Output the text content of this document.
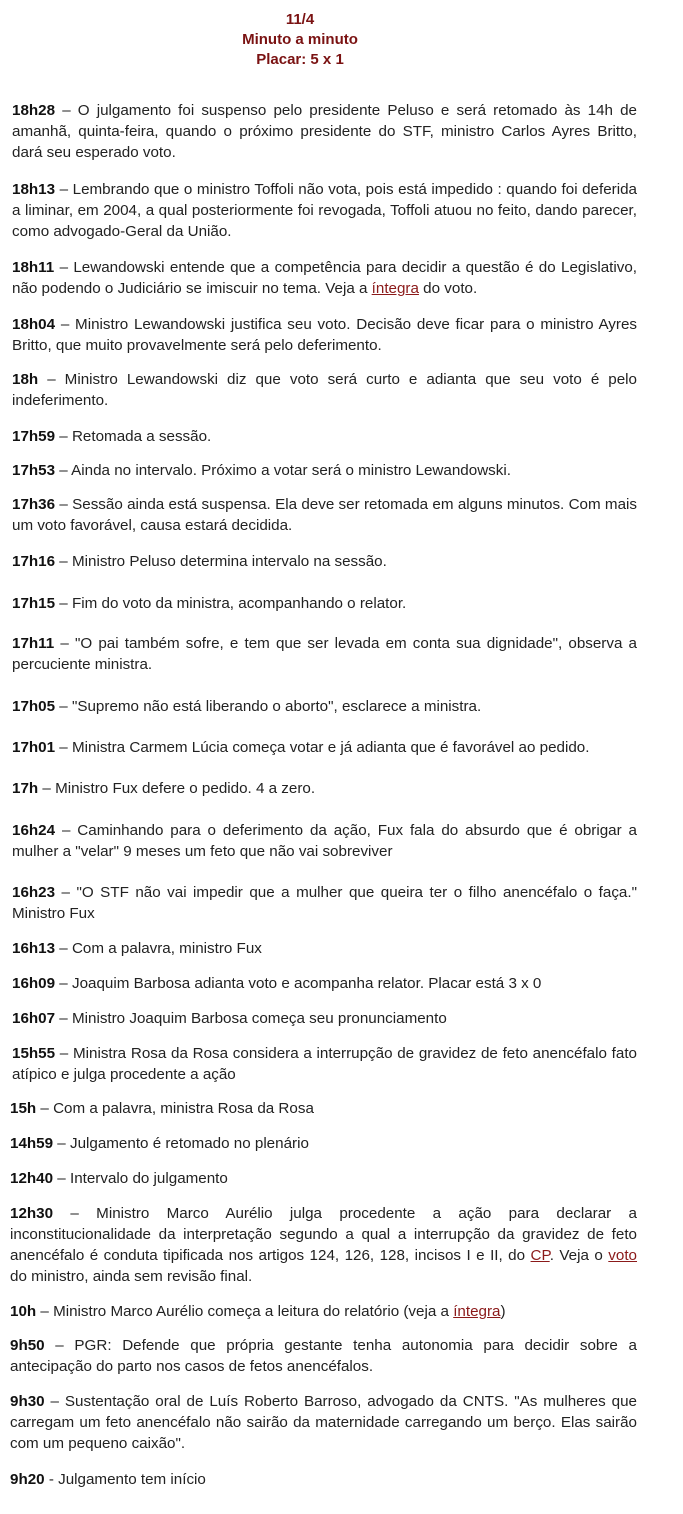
11/4
Minuto a minuto
Placar: 5 x 1

18h28 – O julgamento foi suspenso pelo presidente Peluso e será retomado às 14h de amanhã, quinta-feira, quando o próximo presidente do STF, ministro Carlos Ayres Britto, dará seu esperado voto.

18h13 – Lembrando que o ministro Toffoli não vota, pois está impedido : quando foi deferida a liminar, em 2004, a qual posteriormente foi revogada, Toffoli atuou no feito, dando parecer, como advogado-Geral da União.

18h11 – Lewandowski entende que a competência para decidir a questão é do Legislativo, não podendo o Judiciário se imiscuir no tema. Veja a íntegra do voto.

18h04 – Ministro Lewandowski justifica seu voto. Decisão deve ficar para o ministro Ayres Britto, que muito provavelmente será pelo deferimento.

18h – Ministro Lewandowski diz que voto será curto e adianta que seu voto é pelo indeferimento.

17h59 – Retomada a sessão.

17h53 – Ainda no intervalo. Próximo a votar será o ministro Lewandowski.

17h36 – Sessão ainda está suspensa. Ela deve ser retomada em alguns minutos. Com mais um voto favorável, causa estará decidida.

17h16 – Ministro Peluso determina intervalo na sessão.

17h15 – Fim do voto da ministra, acompanhando o relator.

17h11 – "O pai também sofre, e tem que ser levada em conta sua dignidade", observa a percuciente ministra.

17h05 – "Supremo não está liberando o aborto", esclarece a ministra.

17h01 – Ministra Carmem Lúcia começa votar e já adianta que é favorável ao pedido.

17h – Ministro Fux defere o pedido. 4 a zero.

16h24 – Caminhando para o deferimento da ação, Fux fala do absurdo que é obrigar a mulher a "velar" 9 meses um feto que não vai sobreviver

16h23 – "O STF não vai impedir que a mulher que queira ter o filho anencéfalo o faça." Ministro Fux

16h13 – Com a palavra, ministro Fux

16h09 – Joaquim Barbosa adianta voto e acompanha relator. Placar está 3 x 0

16h07 – Ministro Joaquim Barbosa começa seu pronunciamento

15h55 – Ministra Rosa da Rosa considera a interrupção de gravidez de feto anencéfalo fato atípico e julga procedente a ação

15h – Com a palavra, ministra Rosa da Rosa

14h59 – Julgamento é retomado no plenário

12h40 – Intervalo do julgamento

12h30 – Ministro Marco Aurélio julga procedente a ação para declarar a inconstitucionalidade da interpretação segundo a qual a interrupção da gravidez de feto anencéfalo é conduta tipificada nos artigos 124, 126, 128, incisos I e II, do CP. Veja o voto do ministro, ainda sem revisão final.

10h – Ministro Marco Aurélio começa a leitura do relatório (veja a íntegra)

9h50 – PGR: Defende que própria gestante tenha autonomia para decidir sobre a antecipação do parto nos casos de fetos anencéfalos.

9h30 – Sustentação oral de Luís Roberto Barroso, advogado da CNTS. "As mulheres que carregam um feto anencéfalo não sairão da maternidade carregando um berço. Elas sairão com um pequeno caixão".

9h20 - Julgamento tem início
